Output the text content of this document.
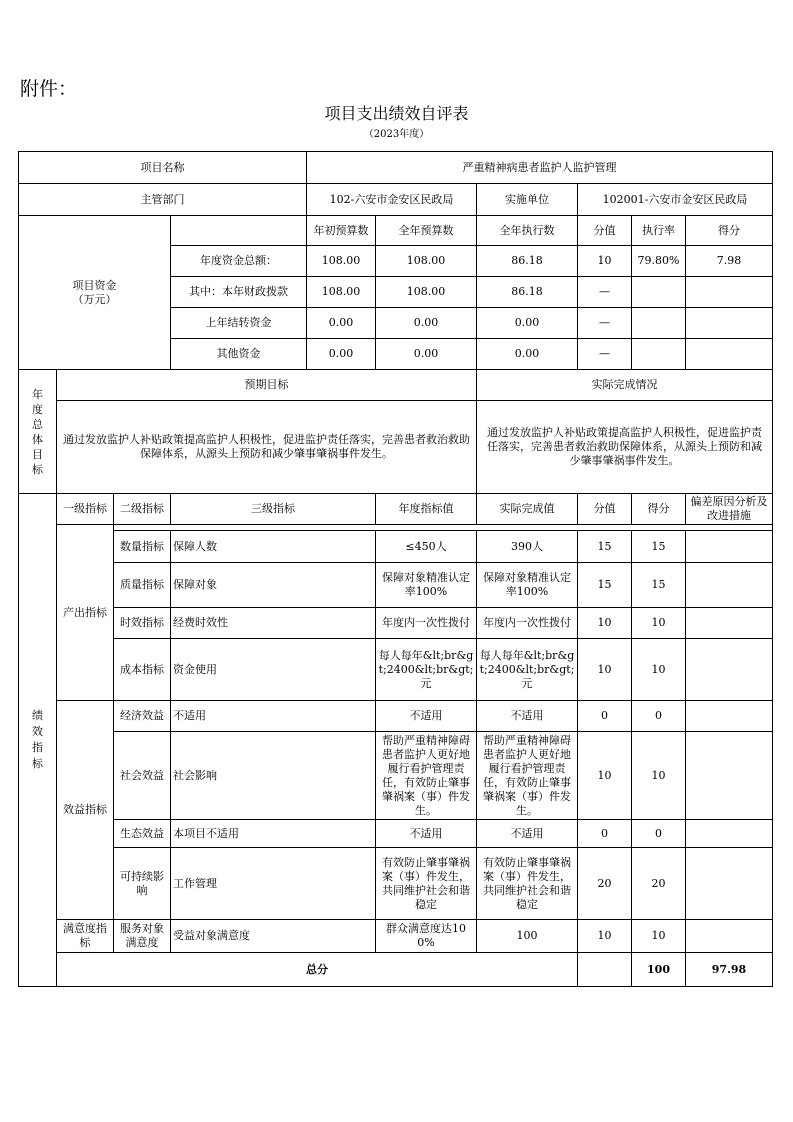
附件：
项目支出绩效自评表
（2023年度）
项目名称				严重精神病患者监护人监护管理						
主管部门				102-六安市金安区民政局		实施单位	102001-六安市金安区民政局			
项目资金
（万元）				年初预算数	全年预算数	全年执行数	分值	执行率	得分	
			年度资金总额：	108.00	108.00	86.18	10	79.80%	7.98	
			其中：本年财政拨款	108.00	108.00	86.18	—			
			上年结转资金	0.00	0.00	0.00	—			
			其他资金	0.00	0.00	0.00	—			
年度总体目标	预期目标					实际完成情况				
	通过发放监护人补贴政策提高监护人积极性，促进监护责任落实，完善患者救治救助保障体系，从源头上预防和减少肇事肇祸事件发生。					通过发放监护人补贴政策提高监护人积极性，促进监护责任落实，完善患者救治救助保障体系，从源头上预防和减少肇事肇祸事件发生。				
绩效指标	一级指标	二级指标	三级指标		年度指标值	实际完成值	分值	得分	偏差原因分析及改进措施	
	产出指标									
		数量指标	保障人数		≤450人	390人	15	15		
		质量指标	保障对象		保障对象精准认定率100%	保障对象精准认定率100%	15	15		
		时效指标	经费时效性		年度内一次性拨付	年度内一次性拨付	10	10		
		成本指标	资金使用		每人每年&lt;br&gt;2400&lt;br&gt;元	每人每年&lt;br&gt;2400&lt;br&gt;元	10	10		
	效益指标	经济效益	不适用		不适用	不适用	0	0		
		社会效益	社会影响		帮助严重精神障碍患者监护人更好地履行看护管理责任，有效防止肇事肇祸案（事）件发生。	帮助严重精神障碍患者监护人更好地履行看护管理责任，有效防止肇事肇祸案（事）件发生。	10	10		
		生态效益	本项目不适用		不适用	不适用	0	0		
		可持续影响	工作管理		有效防止肇事肇祸案（事）件发生，共同维护社会和谐稳定	有效防止肇事肇祸案（事）件发生，共同维护社会和谐稳定	20	20		
	满意度指标	服务对象满意度	受益对象满意度		群众满意度达100%	100	10	10		
	总分							100	97.98	
